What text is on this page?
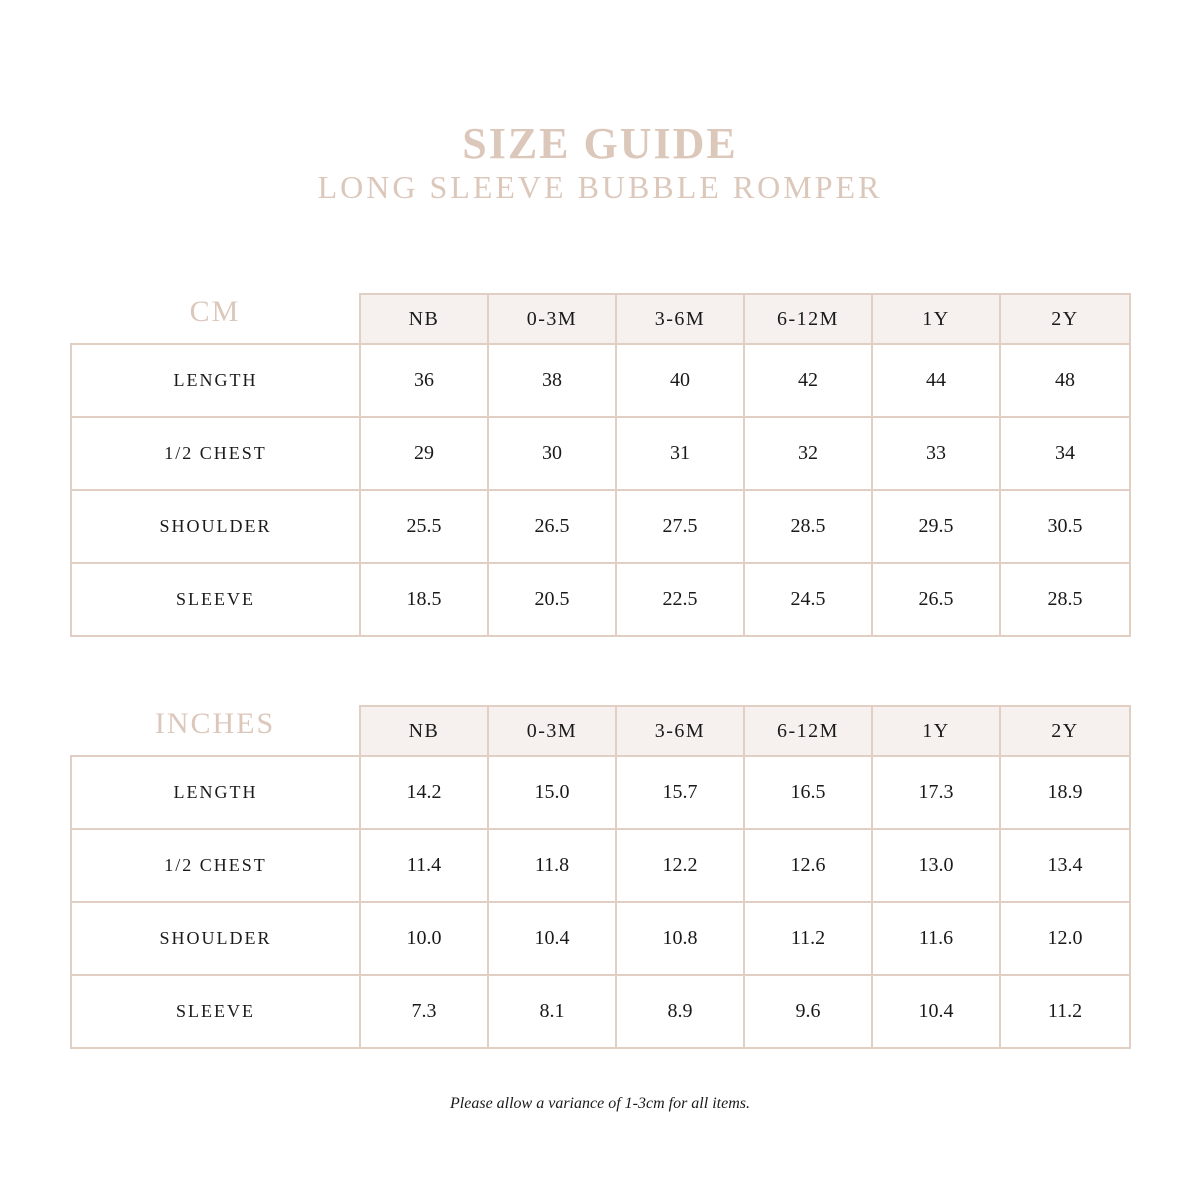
SIZE GUIDE
LONG SLEEVE BUBBLE ROMPER
CM	NB	0-3M	3-6M	6-12M	1Y	2Y
LENGTH	36	38	40	42	44	48
1/2 CHEST	29	30	31	32	33	34
SHOULDER	25.5	26.5	27.5	28.5	29.5	30.5
SLEEVE	18.5	20.5	22.5	24.5	26.5	28.5
INCHES	NB	0-3M	3-6M	6-12M	1Y	2Y
LENGTH	14.2	15.0	15.7	16.5	17.3	18.9
1/2 CHEST	11.4	11.8	12.2	12.6	13.0	13.4
SHOULDER	10.0	10.4	10.8	11.2	11.6	12.0
SLEEVE	7.3	8.1	8.9	9.6	10.4	11.2
Please allow a variance of 1-3cm for all items.
